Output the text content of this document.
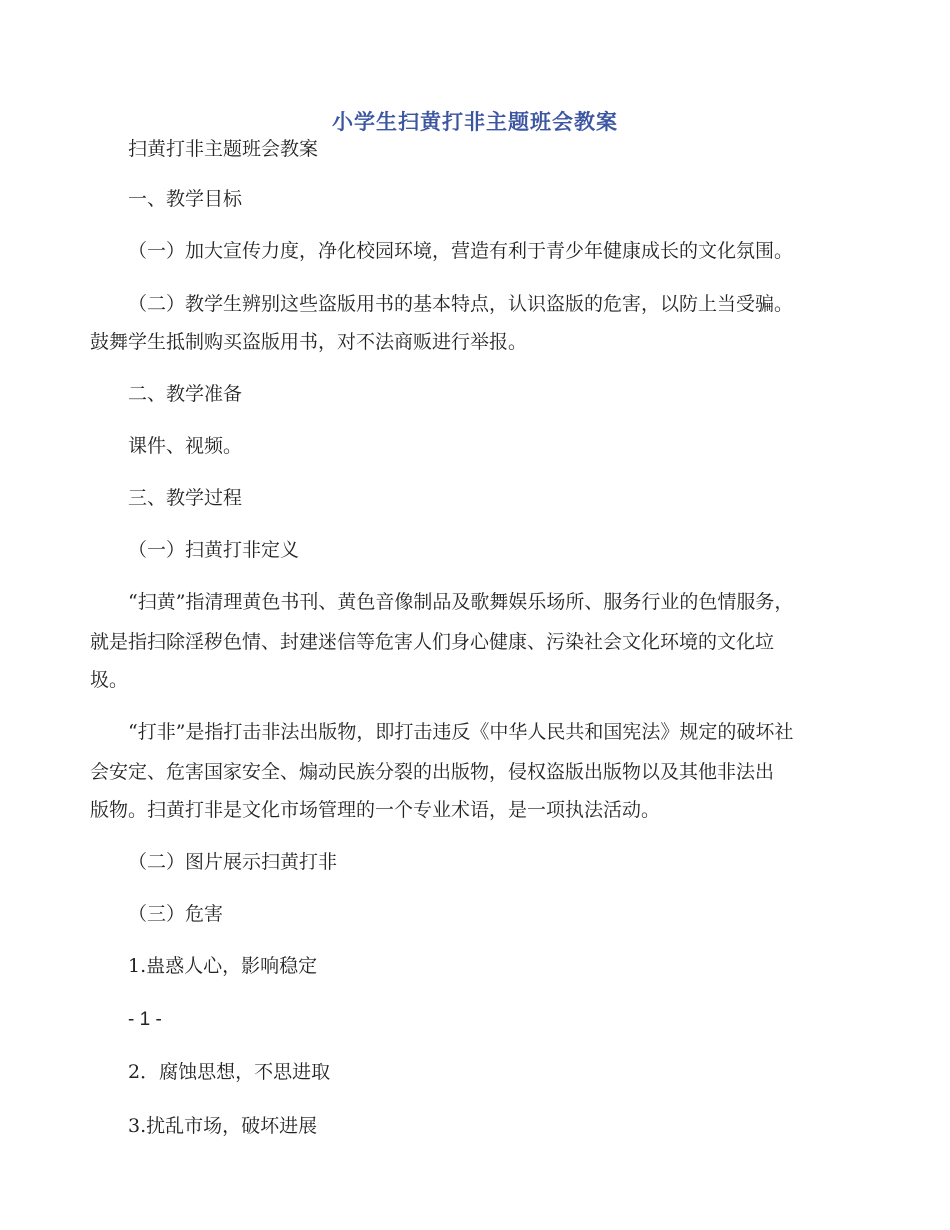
小学生扫黄打非主题班会教案
扫黄打非主题班会教案
一、教学目标
（一）加大宣传力度，净化校园环境，营造有利于青少年健康成长的文化氛围。
（二）教学生辨别这些盗版用书的基本特点，认识盗版的危害，以防上当受骗。
鼓舞学生抵制购买盗版用书，对不法商贩进行举报。
二、教学准备
课件、视频。
三、教学过程
（一）扫黄打非定义
“扫黄”指清理黄色书刊、黄色音像制品及歌舞娱乐场所、服务行业的色情服务，
就是指扫除淫秽色情、封建迷信等危害人们身心健康、污染社会文化环境的文化垃
圾。
“打非”是指打击非法出版物，即打击违反《中华人民共和国宪法》规定的破坏社
会安定、危害国家安全、煽动民族分裂的出版物，侵权盗版出版物以及其他非法出
版物。扫黄打非是文化市场管理的一个专业术语，是一项执法活动。
（二）图片展示扫黄打非
（三）危害
1.蛊惑人心，影响稳定
- 1 -
2．腐蚀思想，不思进取
3.扰乱市场，破坏进展
